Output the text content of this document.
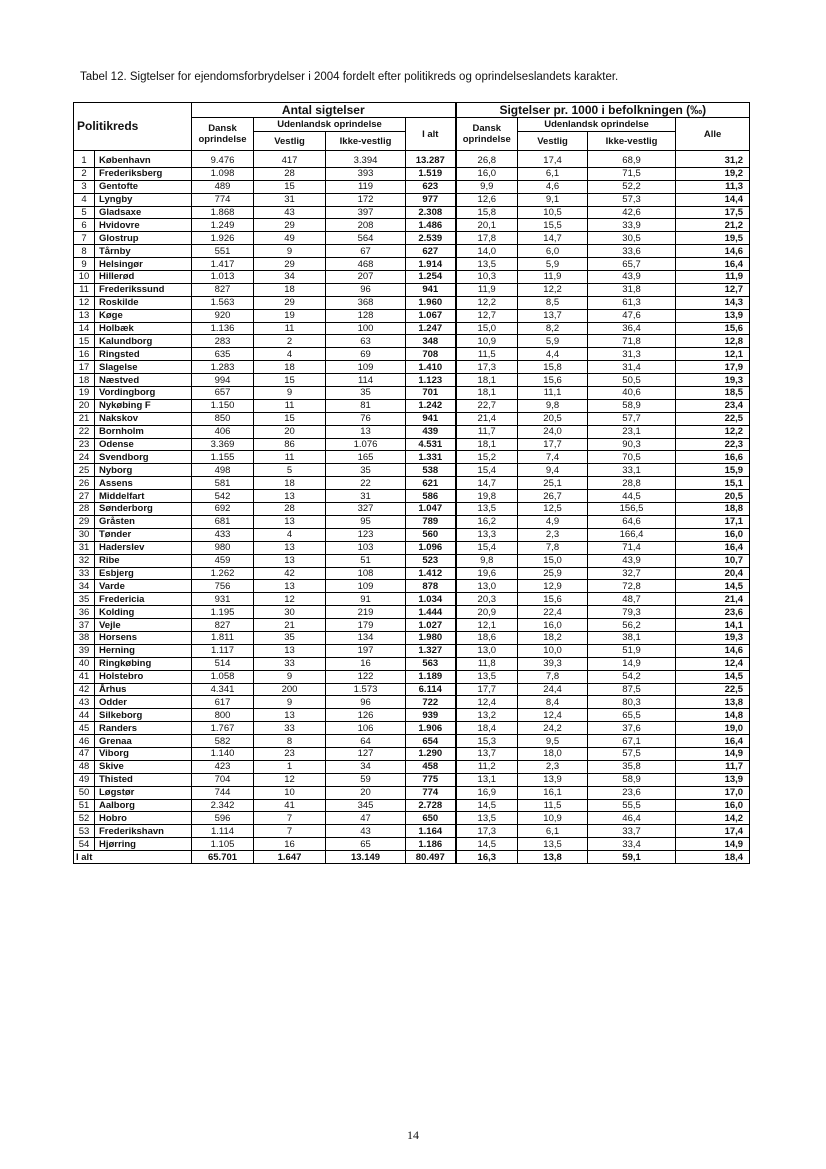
Tabel 12. Sigtelser for ejendomsforbrydelser i 2004 fordelt efter politikreds og oprindelseslandets karakter.
Politikreds		Antal sigtelser				Sigtelser pr. 1000 i befolkningen (‰)			
		Dansk oprindelse	Udenlandsk oprindelse		I alt	Dansk oprindelse	Udenlandsk oprindelse		Alle
			Vestlig	Ikke-vestlig			Vestlig	Ikke-vestlig	
1	København	9.476	417	3.394	13.287	26,8	17,4	68,9	31,2
2	Frederiksberg	1.098	28	393	1.519	16,0	6,1	71,5	19,2
3	Gentofte	489	15	119	623	9,9	4,6	52,2	11,3
4	Lyngby	774	31	172	977	12,6	9,1	57,3	14,4
5	Gladsaxe	1.868	43	397	2.308	15,8	10,5	42,6	17,5
6	Hvidovre	1.249	29	208	1.486	20,1	15,5	33,9	21,2
7	Glostrup	1.926	49	564	2.539	17,8	14,7	30,5	19,5
8	Tårnby	551	9	67	627	14,0	6,0	33,6	14,6
9	Helsingør	1.417	29	468	1.914	13,5	5,9	65,7	16,4
10	Hillerød	1.013	34	207	1.254	10,3	11,9	43,9	11,9
11	Frederikssund	827	18	96	941	11,9	12,2	31,8	12,7
12	Roskilde	1.563	29	368	1.960	12,2	8,5	61,3	14,3
13	Køge	920	19	128	1.067	12,7	13,7	47,6	13,9
14	Holbæk	1.136	11	100	1.247	15,0	8,2	36,4	15,6
15	Kalundborg	283	2	63	348	10,9	5,9	71,8	12,8
16	Ringsted	635	4	69	708	11,5	4,4	31,3	12,1
17	Slagelse	1.283	18	109	1.410	17,3	15,8	31,4	17,9
18	Næstved	994	15	114	1.123	18,1	15,6	50,5	19,3
19	Vordingborg	657	9	35	701	18,1	11,1	40,6	18,5
20	Nykøbing F	1.150	11	81	1.242	22,7	9,8	58,9	23,4
21	Nakskov	850	15	76	941	21,4	20,5	57,7	22,5
22	Bornholm	406	20	13	439	11,7	24,0	23,1	12,2
23	Odense	3.369	86	1.076	4.531	18,1	17,7	90,3	22,3
24	Svendborg	1.155	11	165	1.331	15,2	7,4	70,5	16,6
25	Nyborg	498	5	35	538	15,4	9,4	33,1	15,9
26	Assens	581	18	22	621	14,7	25,1	28,8	15,1
27	Middelfart	542	13	31	586	19,8	26,7	44,5	20,5
28	Sønderborg	692	28	327	1.047	13,5	12,5	156,5	18,8
29	Gråsten	681	13	95	789	16,2	4,9	64,6	17,1
30	Tønder	433	4	123	560	13,3	2,3	166,4	16,0
31	Haderslev	980	13	103	1.096	15,4	7,8	71,4	16,4
32	Ribe	459	13	51	523	9,8	15,0	43,9	10,7
33	Esbjerg	1.262	42	108	1.412	19,6	25,9	32,7	20,4
34	Varde	756	13	109	878	13,0	12,9	72,8	14,5
35	Fredericia	931	12	91	1.034	20,3	15,6	48,7	21,4
36	Kolding	1.195	30	219	1.444	20,9	22,4	79,3	23,6
37	Vejle	827	21	179	1.027	12,1	16,0	56,2	14,1
38	Horsens	1.811	35	134	1.980	18,6	18,2	38,1	19,3
39	Herning	1.117	13	197	1.327	13,0	10,0	51,9	14,6
40	Ringkøbing	514	33	16	563	11,8	39,3	14,9	12,4
41	Holstebro	1.058	9	122	1.189	13,5	7,8	54,2	14,5
42	Århus	4.341	200	1.573	6.114	17,7	24,4	87,5	22,5
43	Odder	617	9	96	722	12,4	8,4	80,3	13,8
44	Silkeborg	800	13	126	939	13,2	12,4	65,5	14,8
45	Randers	1.767	33	106	1.906	18,4	24,2	37,6	19,0
46	Grenaa	582	8	64	654	15,3	9,5	67,1	16,4
47	Viborg	1.140	23	127	1.290	13,7	18,0	57,5	14,9
48	Skive	423	1	34	458	11,2	2,3	35,8	11,7
49	Thisted	704	12	59	775	13,1	13,9	58,9	13,9
50	Løgstør	744	10	20	774	16,9	16,1	23,6	17,0
51	Aalborg	2.342	41	345	2.728	14,5	11,5	55,5	16,0
52	Hobro	596	7	47	650	13,5	10,9	46,4	14,2
53	Frederikshavn	1.114	7	43	1.164	17,3	6,1	33,7	17,4
54	Hjørring	1.105	16	65	1.186	14,5	13,5	33,4	14,9
I alt		65.701	1.647	13.149	80.497	16,3	13,8	59,1	18,4
14
